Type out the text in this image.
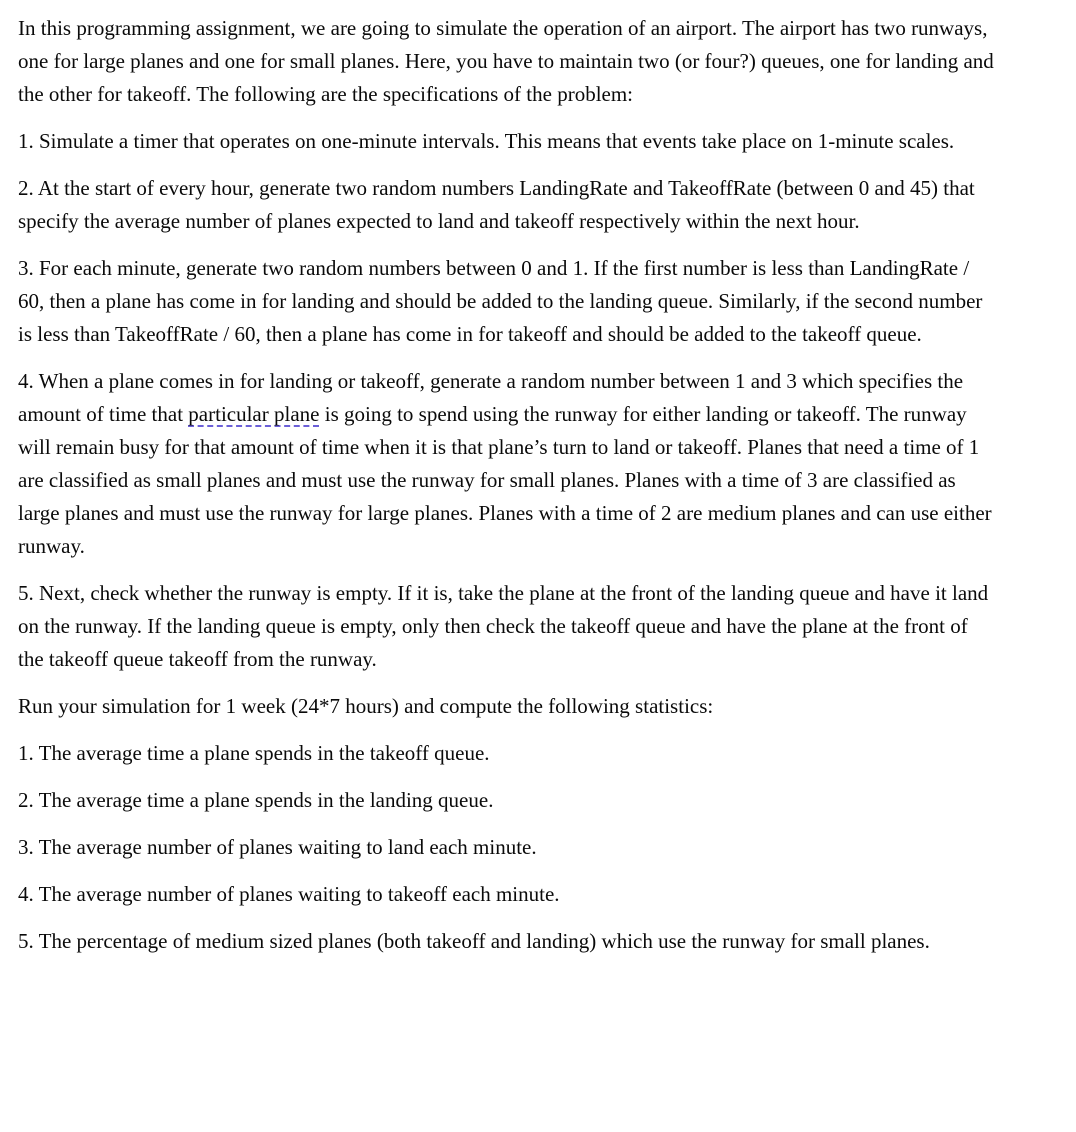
In this programming assignment, we are going to simulate the operation of an airport. The airport has two runways, one for large planes and one for small planes. Here, you have to maintain two (or four?) queues, one for landing and the other for takeoff. The following are the specifications of the problem:

1. Simulate a timer that operates on one-minute intervals. This means that events take place on 1-minute scales.

2. At the start of every hour, generate two random numbers LandingRate and TakeoffRate (between 0 and 45) that specify the average number of planes expected to land and takeoff respectively within the next hour.

3. For each minute, generate two random numbers between 0 and 1. If the first number is less than LandingRate / 60, then a plane has come in for landing and should be added to the landing queue. Similarly, if the second number is less than TakeoffRate / 60, then a plane has come in for takeoff and should be added to the takeoff queue.

4. When a plane comes in for landing or takeoff, generate a random number between 1 and 3 which specifies the amount of time that particular plane is going to spend using the runway for either landing or takeoff. The runway will remain busy for that amount of time when it is that plane’s turn to land or takeoff. Planes that need a time of 1 are classified as small planes and must use the runway for small planes. Planes with a time of 3 are classified as large planes and must use the runway for large planes. Planes with a time of 2 are medium planes and can use either runway.

5. Next, check whether the runway is empty. If it is, take the plane at the front of the landing queue and have it land on the runway. If the landing queue is empty, only then check the takeoff queue and have the plane at the front of the takeoff queue takeoff from the runway.

Run your simulation for 1 week (24*7 hours) and compute the following statistics:

1. The average time a plane spends in the takeoff queue.

2. The average time a plane spends in the landing queue.

3. The average number of planes waiting to land each minute.

4. The average number of planes waiting to takeoff each minute.

5. The percentage of medium sized planes (both takeoff and landing) which use the runway for small planes.
